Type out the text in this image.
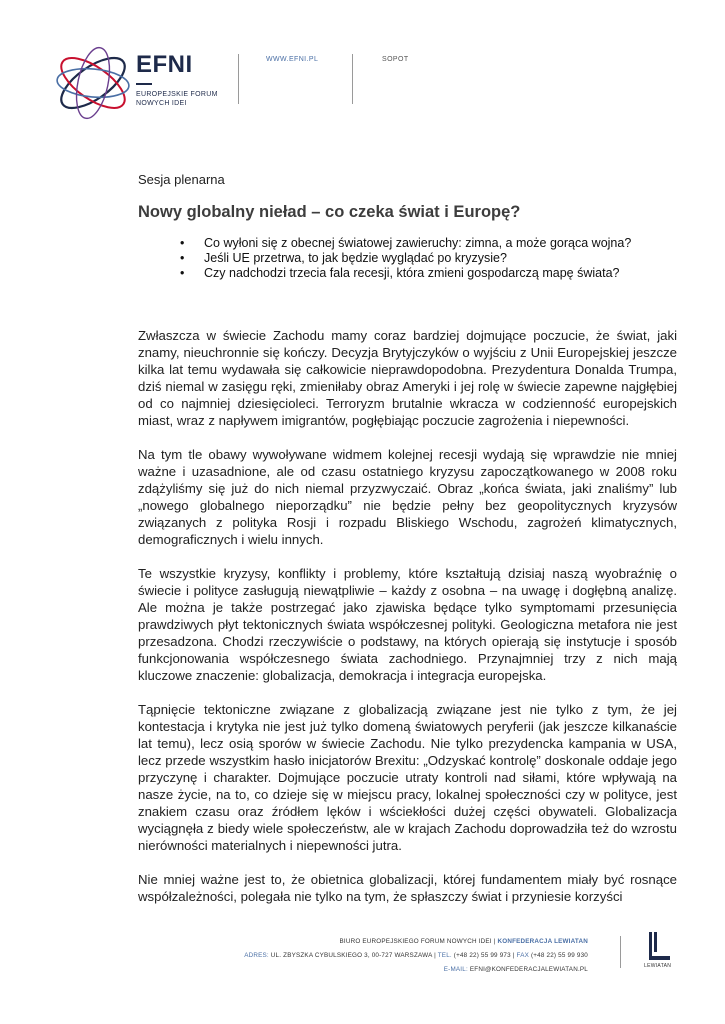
EFNI
EUROPEJSKIE FORUM
NOWYCH IDEI
WWW.EFNI.PL	SOPOT
Sesja plenarna
Nowy globalny nieład – co czeka świat i Europę?
• Co wyłoni się z obecnej światowej zawieruchy: zimna, a może gorąca wojna?
• Jeśli UE przetrwa, to jak będzie wyglądać po kryzysie?
• Czy nadchodzi trzecia fala recesji, która zmieni gospodarczą mapę świata?

Zwłaszcza w świecie Zachodu mamy coraz bardziej dojmujące poczucie, że świat, jaki znamy, nieuchronnie się kończy. Decyzja Brytyjczyków o wyjściu z Unii Europejskiej jeszcze kilka lat temu wydawała się całkowicie nieprawdopodobna. Prezydentura Donalda Trumpa, dziś niemal w zasięgu ręki, zmieniłaby obraz Ameryki i jej rolę w świecie zapewne najgłębiej od co najmniej dziesięcioleci. Terroryzm brutalnie wkracza w codzienność europejskich miast, wraz z napływem imigrantów, pogłębiając poczucie zagrożenia i niepewności.

Na tym tle obawy wywoływane widmem kolejnej recesji wydają się wprawdzie nie mniej ważne i uzasadnione, ale od czasu ostatniego kryzysu zapoczątkowanego w 2008 roku zdążyliśmy się już do nich niemal przyzwyczaić. Obraz „końca świata, jaki znaliśmy” lub „nowego globalnego nieporządku” nie będzie pełny bez geopolitycznych kryzysów związanych z polityka Rosji i rozpadu Bliskiego Wschodu, zagrożeń klimatycznych, demograficznych i wielu innych.

Te wszystkie kryzysy, konflikty i problemy, które kształtują dzisiaj naszą wyobraźnię o świecie i polityce zasługują niewątpliwie – każdy z osobna – na uwagę i dogłębną analizę. Ale można je także postrzegać jako zjawiska będące tylko symptomami przesunięcia prawdziwych płyt tektonicznych świata współczesnej polityki. Geologiczna metafora nie jest przesadzona. Chodzi rzeczywiście o podstawy, na których opierają się instytucje i sposób funkcjonowania współczesnego świata zachodniego. Przynajmniej trzy z nich mają kluczowe znaczenie: globalizacja, demokracja i integracja europejska.

Tąpnięcie tektoniczne związane z globalizacją związane jest nie tylko z tym, że jej kontestacja i krytyka nie jest już tylko domeną światowych peryferii (jak jeszcze kilkanaście lat temu), lecz osią sporów w świecie Zachodu. Nie tylko prezydencka kampania w USA, lecz przede wszystkim hasło inicjatorów Brexitu: „Odzyskać kontrolę” doskonale oddaje jego przyczynę i charakter. Dojmujące poczucie utraty kontroli nad siłami, które wpływają na nasze życie, na to, co dzieje się w miejscu pracy, lokalnej społeczności czy w polityce, jest znakiem czasu oraz źródłem lęków i wściekłości dużej części obywateli. Globalizacja wyciągnęła z biedy wiele społeczeństw, ale w krajach Zachodu doprowadziła też do wzrostu nierówności materialnych i niepewności jutra.

Nie mniej ważne jest to, że obietnica globalizacji, której fundamentem miały być rosnące współzależności, polegała nie tylko na tym, że spłaszczy świat i przyniesie korzyści

BIURO EUROPEJSKIEGO FORUM NOWYCH IDEI | KONFEDERACJA LEWIATAN
ADRES: UL. ZBYSZKA CYBULSKIEGO 3, 00-727 WARSZAWA | TEL. (+48 22) 55 99 973 | FAX (+48 22) 55 99 930
E-MAIL: EFNI@KONFEDERACJALEWIATAN.PL	LEWIATAN
